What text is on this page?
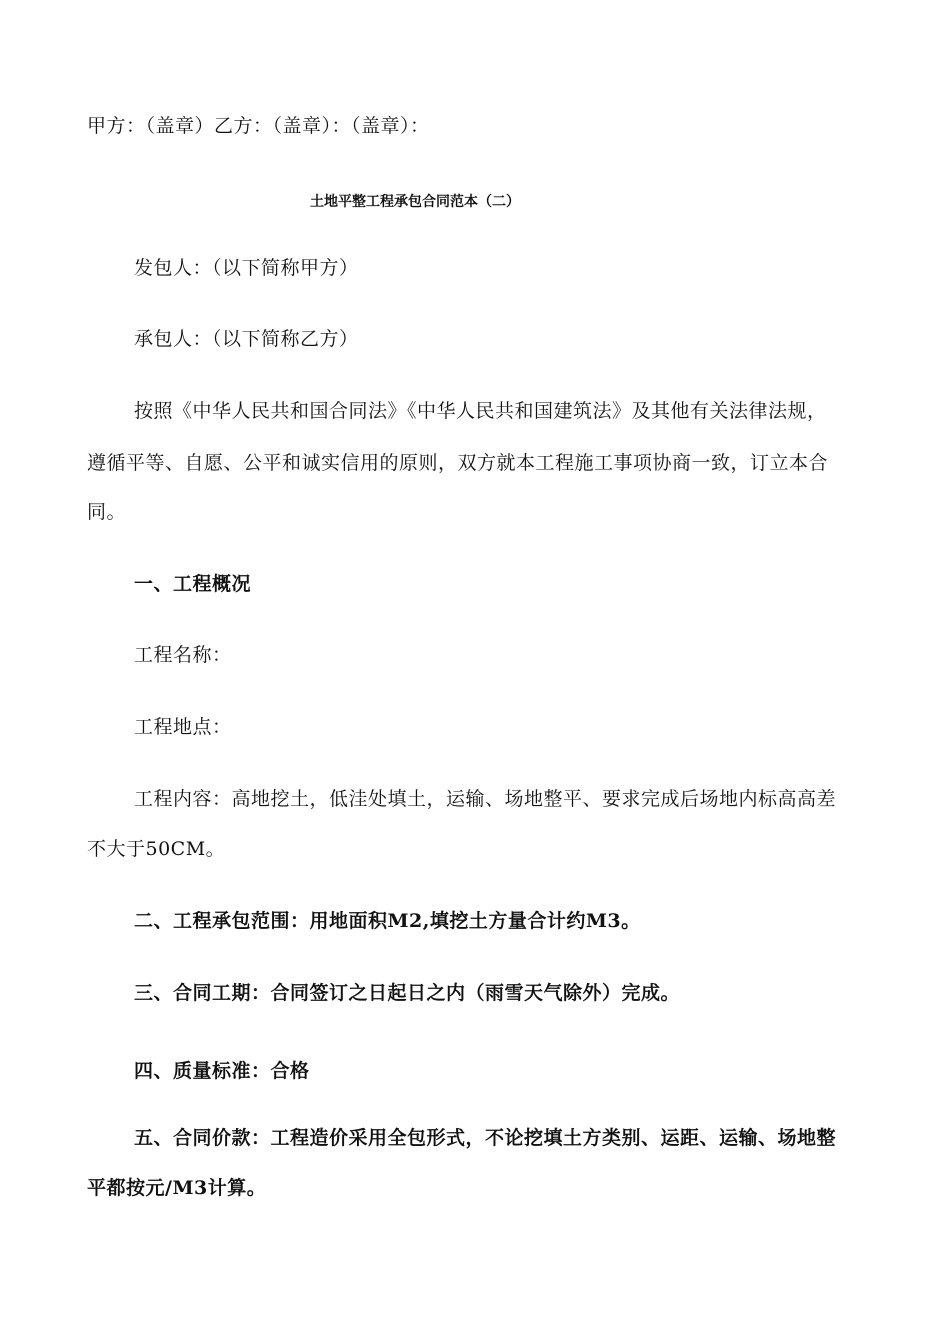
甲方：（盖章）乙方：（盖章）：（盖章）：
土地平整工程承包合同范本（二）
发包人：（以下简称甲方）
承包人：（以下简称乙方）
按照《中华人民共和国合同法》《中华人民共和国建筑法》及其他有关法律法规，
遵循平等、自愿、公平和诚实信用的原则，双方就本工程施工事项协商一致，订立本合
同。
一、工程概况
工程名称：
工程地点：
工程内容：高地挖土，低洼处填土，运输、场地整平、要求完成后场地内标高高差
不大于50CM。
二、工程承包范围：用地面积M2,填挖土方量合计约M3。
三、合同工期：合同签订之日起日之内（雨雪天气除外）完成。
四、质量标准：合格
五、合同价款：工程造价采用全包形式，不论挖填土方类别、运距、运输、场地整
平都按元/M3计算。
